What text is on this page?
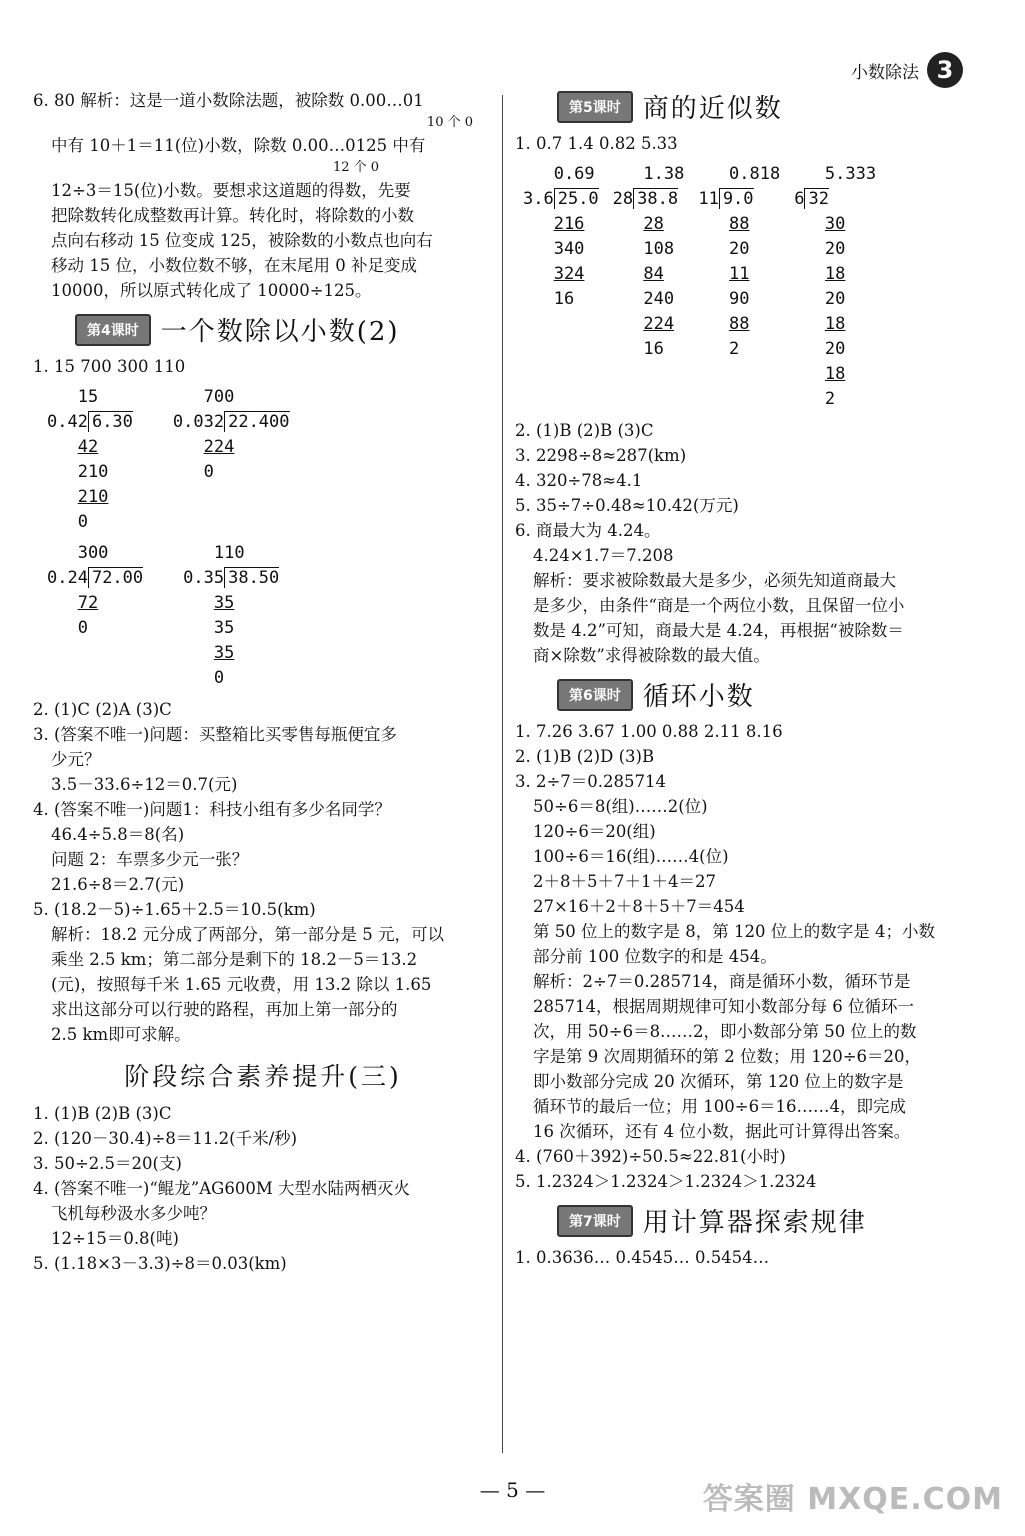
小数除法 3
6. 80 解析：这是一道小数除法题，被除数 0.00…01
10 个 0
中有 10＋1＝11(位)小数，除数 0.00…0125 中有
12 个 0
12÷3＝15(位)小数。要想求这道题的得数，先要
把除数转化成整数再计算。转化时，将除数的小数
点向右移动 15 位变成 125，被除数的小数点也向右
移动 15 位，小数位数不够，在末尾用 0 补足变成
10000，所以原式转化成了 10000÷125。
第4课时 一个数除以小数(2)
1. 15 700 300 110
15
0.42 6.30
42
210
210
0
700
0.032 22.400
224
0
300
0.24 72.00
72
0
110
0.35 38.50
35
35
35
0
2. (1)C (2)A (3)C
3. (答案不唯一)问题：买整箱比买零售每瓶便宜多
少元？
3.5－33.6÷12＝0.7(元)
4. (答案不唯一)问题1：科技小组有多少名同学？
46.4÷5.8＝8(名)
问题 2：车票多少元一张？
21.6÷8＝2.7(元)
5. (18.2－5)÷1.65＋2.5＝10.5(km)
解析：18.2 元分成了两部分，第一部分是 5 元，可以
乘坐 2.5 km；第二部分是剩下的 18.2－5＝13.2
(元)，按照每千米 1.65 元收费，用 13.2 除以 1.65
求出这部分可以行驶的路程，再加上第一部分的
2.5 km即可求解。
阶段综合素养提升(三)
1. (1)B (2)B (3)C
2. (120－30.4)÷8＝11.2(千米/秒)
3. 50÷2.5＝20(支)
4. (答案不唯一)“鲲龙”AG600M 大型水陆两栖灭火
飞机每秒汲水多少吨？
12÷15＝0.8(吨)
5. (1.18×3－3.3)÷8＝0.03(km)
第5课时 商的近似数
1. 0.7 1.4 0.82 5.33
0.69
3.6 25.0
216
340
324
16
1.38
28 38.8
28
108
84
240
224
16
0.818
11 9.0
88
20
11
90
88
2
5.333
6 32
30
20
18
20
18
20
18
2
2. (1)B (2)B (3)C
3. 2298÷8≈287(km)
4. 320÷78≈4.1
5. 35÷7÷0.48≈10.42(万元)
6. 商最大为 4.24。
4.24×1.7＝7.208
解析：要求被除数最大是多少，必须先知道商最大
是多少，由条件“商是一个两位小数，且保留一位小
数是 4.2”可知，商最大是 4.24，再根据“被除数＝
商×除数”求得被除数的最大值。
第6课时 循环小数
1. 7.26 3.67 1.00 0.88 2.11 8.16
2. (1)B (2)D (3)B
3. 2÷7＝0.285714
50÷6＝8(组)……2(位)
120÷6＝20(组)
100÷6＝16(组)……4(位)
2＋8＋5＋7＋1＋4＝27
27×16＋2＋8＋5＋7＝454
第 50 位上的数字是 8，第 120 位上的数字是 4；小数
部分前 100 位数字的和是 454。
解析：2÷7＝0.285714，商是循环小数，循环节是
285714，根据周期规律可知小数部分每 6 位循环一
次，用 50÷6＝8……2，即小数部分第 50 位上的数
字是第 9 次周期循环的第 2 位数；用 120÷6＝20，
即小数部分完成 20 次循环，第 120 位上的数字是
循环节的最后一位；用 100÷6＝16……4，即完成
16 次循环，还有 4 位小数，据此可计算得出答案。
4. (760＋392)÷50.5≈22.81(小时)
5. 1.2324＞1.2324＞1.2324＞1.2324
第7课时 用计算器探索规律
1. 0.3636… 0.4545… 0.5454…
— 5 —	答案圈 MXQE.COM
